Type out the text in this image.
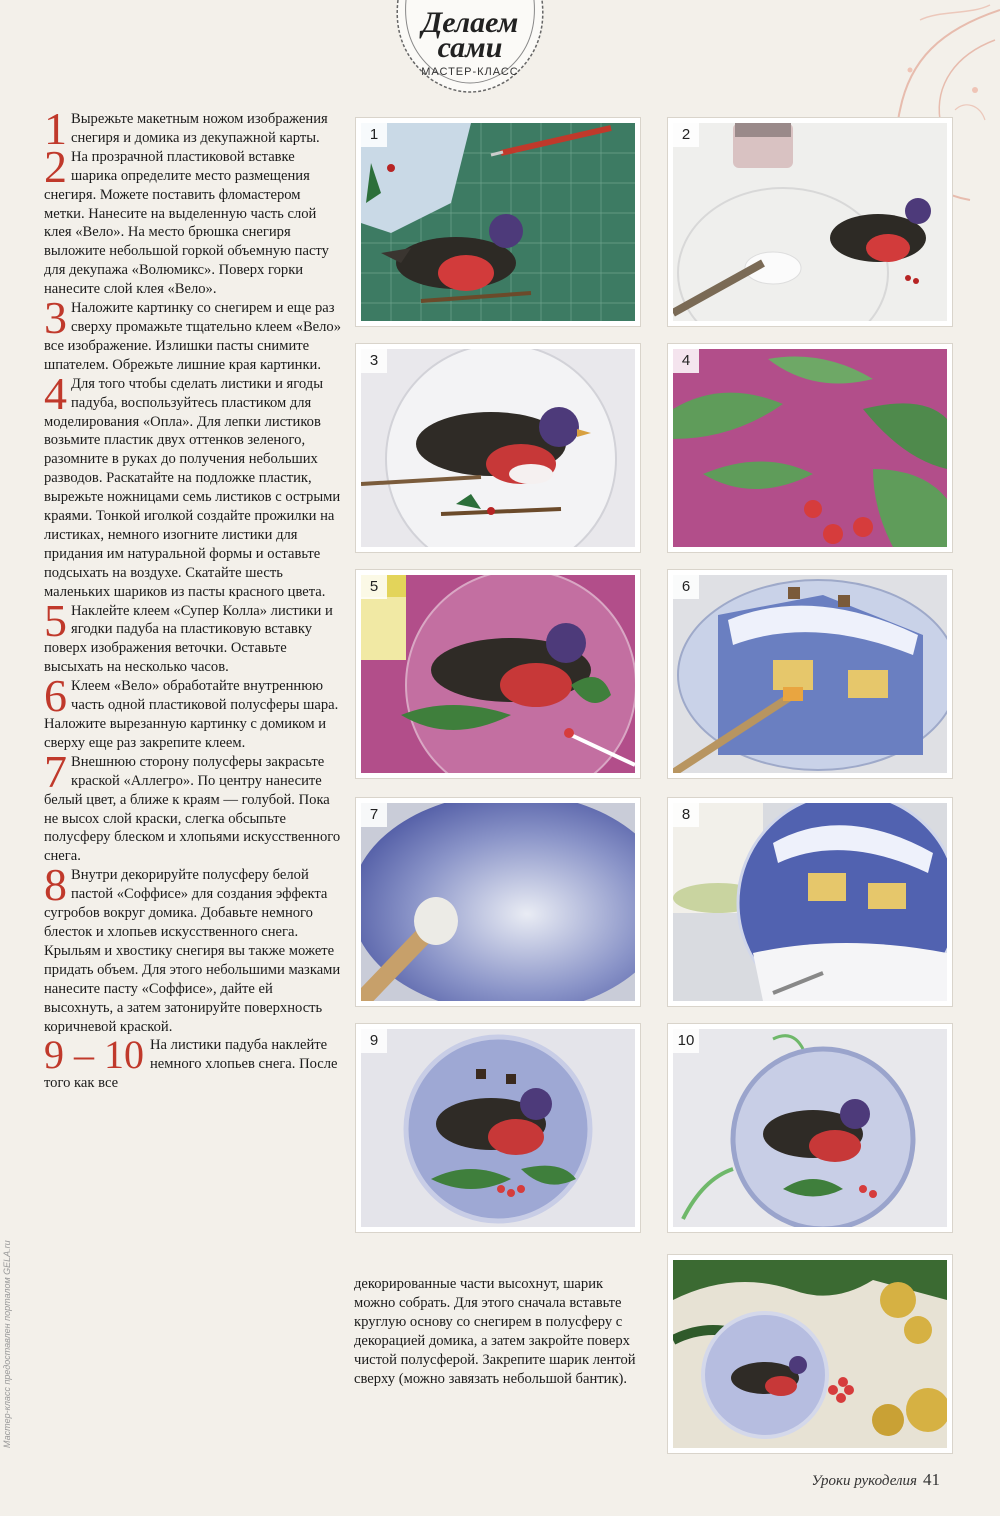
Делаем
сами
МАСТЕР-КЛАСС
1 Вырежьте макетным ножом изображения снегиря и домика из декупажной карты.
2 На прозрачной пластиковой вставке шарика определите место размещения снегиря. Можете поставить фломастером метки. Нанесите на выделенную часть слой клея «Вело». На место брюшка снегиря выложите небольшой горкой объемную пасту для декупажа «Волюмикс». Поверх горки нанесите слой клея «Вело».
3 Наложите картинку со снегирем и еще раз сверху промажьте тщательно клеем «Вело» все изображение. Излишки пасты снимите шпателем. Обрежьте лишние края картинки.
4 Для того чтобы сделать листики и ягоды падуба, воспользуйтесь пластиком для моделирования «Опла». Для лепки листиков возьмите пластик двух оттенков зеленого, разомните в руках до получения небольших разводов. Раскатайте на подложке пластик, вырежьте ножницами семь листиков с острыми краями. Тонкой иголкой создайте прожилки на листиках, немного изогните листики для придания им натуральной формы и оставьте подсыхать на воздухе. Скатайте шесть маленьких шариков из пасты красного цвета.
5 Наклейте клеем «Супер Колла» листики и ягодки падуба на пластиковую вставку поверх изображения веточки. Оставьте высыхать на несколько часов.
6 Клеем «Вело» обработайте внутреннюю часть одной пластиковой полусферы шара. Наложите вырезанную картинку с домиком и сверху еще раз закрепите клеем.
7 Внешнюю сторону полусферы закрасьте краской «Аллегро». По центру нанесите белый цвет, а ближе к краям — голубой. Пока не высох слой краски, слегка обсыпьте полусферу блеском и хлопьями искусственного снега.
8 Внутри декорируйте полусферу белой пастой «Соффисе» для создания эффекта сугробов вокруг домика. Добавьте немного блесток и хлопьев искусственного снега. Крыльям и хвостику снегиря вы также можете придать объем. Для этого небольшими мазками нанесите пасту «Соффисе», дайте ей высохнуть, а затем затонируйте поверхность коричневой краской.
9 – 10 На листики падуба наклейте немного хлопьев снега. После того как все
декорированные части высохнут, шарик можно собрать. Для этого сначала вставьте круглую основу со снегирем в полусферу с декорацией домика, а затем закройте поверх чистой полусферой. Закрепите шарик лентой сверху (можно завязать небольшой бантик).
1	2
3	4
5	6
7	8
9	10
Уроки рукоделия 41
Мастер-класс предоставлен порталом GELA.ru
